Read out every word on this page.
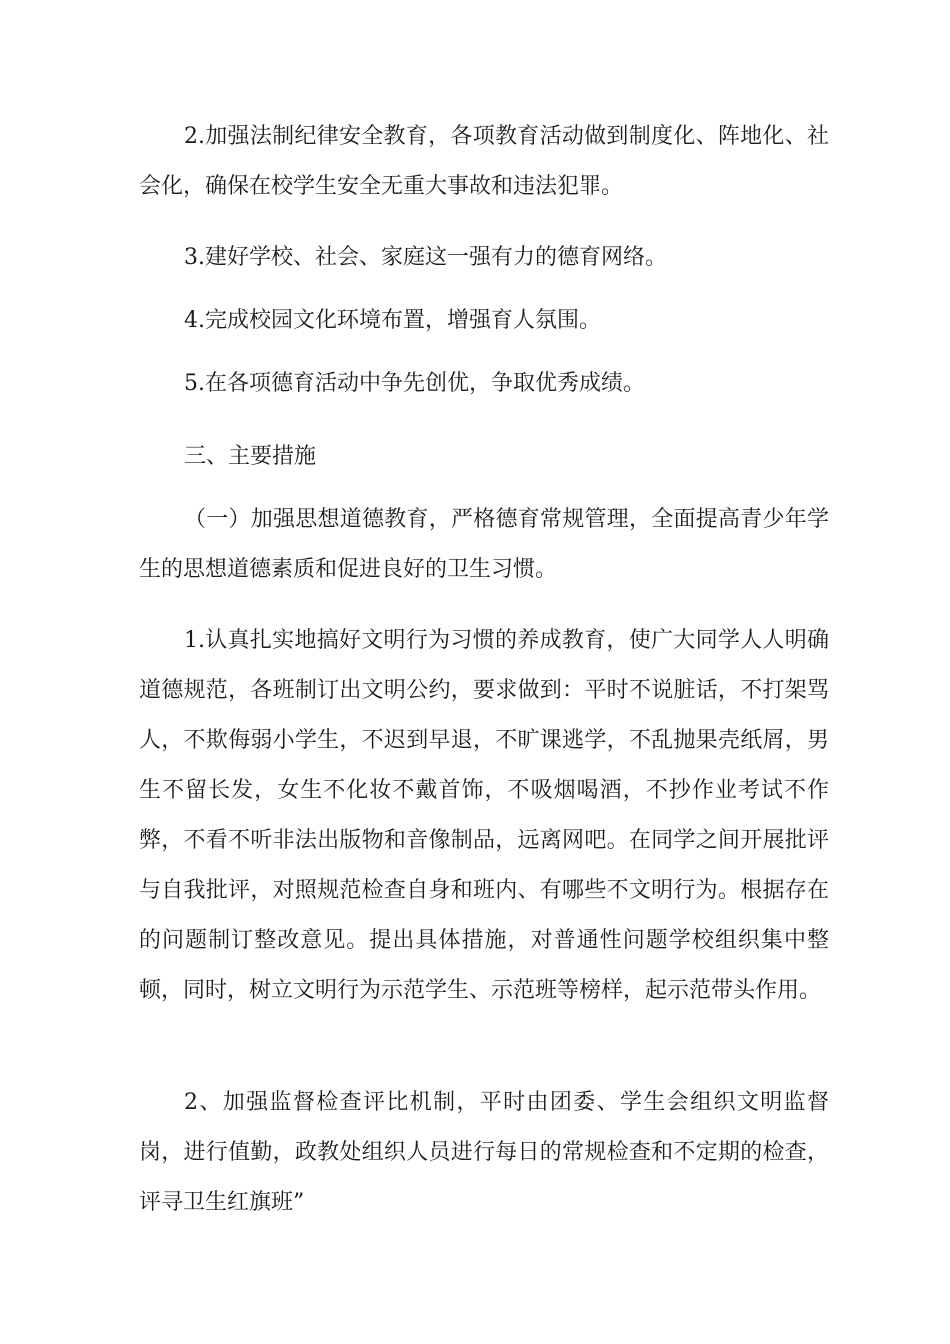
2.加强法制纪律安全教育，各项教育活动做到制度化、阵地化、社会化，确保在校学生安全无重大事故和违法犯罪。

3.建好学校、社会、家庭这一强有力的德育网络。

4.完成校园文化环境布置，增强育人氛围。

5.在各项德育活动中争先创优，争取优秀成绩。

三、主要措施

（一）加强思想道德教育，严格德育常规管理，全面提高青少年学生的思想道德素质和促进良好的卫生习惯。

1.认真扎实地搞好文明行为习惯的养成教育，使广大同学人人明确道德规范，各班制订出文明公约，要求做到：平时不说脏话，不打架骂人，不欺侮弱小学生，不迟到早退，不旷课逃学，不乱抛果壳纸屑，男生不留长发，女生不化妆不戴首饰，不吸烟喝酒，不抄作业考试不作弊，不看不听非法出版物和音像制品，远离网吧。在同学之间开展批评与自我批评，对照规范检查自身和班内、有哪些不文明行为。根据存在的问题制订整改意见。提出具体措施，对普通性问题学校组织集中整顿，同时，树立文明行为示范学生、示范班等榜样，起示范带头作用。

2、加强监督检查评比机制，平时由团委、学生会组织文明监督岗，进行值勤，政教处组织人员进行每日的常规检查和不定期的检查，评寻卫生红旗班”
